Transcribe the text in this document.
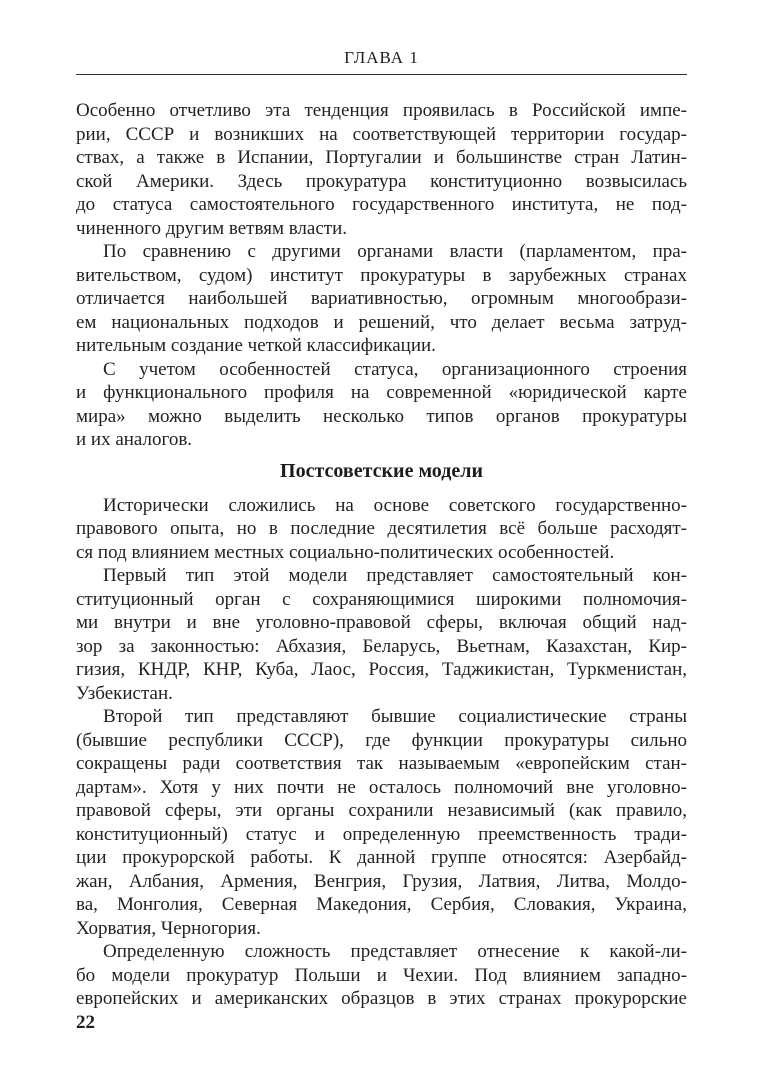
ГЛАВА 1
Особенно отчетливо эта тенденция проявилась в Российской импе-
рии, СССР и возникших на соответствующей территории государ-
ствах, а также в Испании, Португалии и большинстве стран Латин-
ской Америки. Здесь прокуратура конституционно возвысилась
до статуса самостоятельного государственного института, не под-
чиненного другим ветвям власти.
По сравнению с другими органами власти (парламентом, пра-
вительством, судом) институт прокуратуры в зарубежных странах
отличается наибольшей вариативностью, огромным многообрази-
ем национальных подходов и решений, что делает весьма затруд-
нительным создание четкой классификации.
С учетом особенностей статуса, организационного строения
и функционального профиля на современной «юридической карте
мира» можно выделить несколько типов органов прокуратуры
и их аналогов.
Постсоветские модели
Исторически сложились на основе советского государственно-
правового опыта, но в последние десятилетия всё больше расходят-
ся под влиянием местных социально-политических особенностей.
Первый тип этой модели представляет самостоятельный кон-
ституционный орган с сохраняющимися широкими полномочия-
ми внутри и вне уголовно-правовой сферы, включая общий над-
зор за законностью: Абхазия, Беларусь, Вьетнам, Казахстан, Кир-
гизия, КНДР, КНР, Куба, Лаос, Россия, Таджикистан, Туркменистан,
Узбекистан.
Второй тип представляют бывшие социалистические страны
(бывшие республики СССР), где функции прокуратуры сильно
сокращены ради соответствия так называемым «европейским стан-
дартам». Хотя у них почти не осталось полномочий вне уголовно-
правовой сферы, эти органы сохранили независимый (как правило,
конституционный) статус и определенную преемственность тради-
ции прокурорской работы. К данной группе относятся: Азербайд-
жан, Албания, Армения, Венгрия, Грузия, Латвия, Литва, Молдо-
ва, Монголия, Северная Македония, Сербия, Словакия, Украина,
Хорватия, Черногория.
Определенную сложность представляет отнесение к какой-ли-
бо модели прокуратур Польши и Чехии. Под влиянием западно-
европейских и американских образцов в этих странах прокурорские
22
